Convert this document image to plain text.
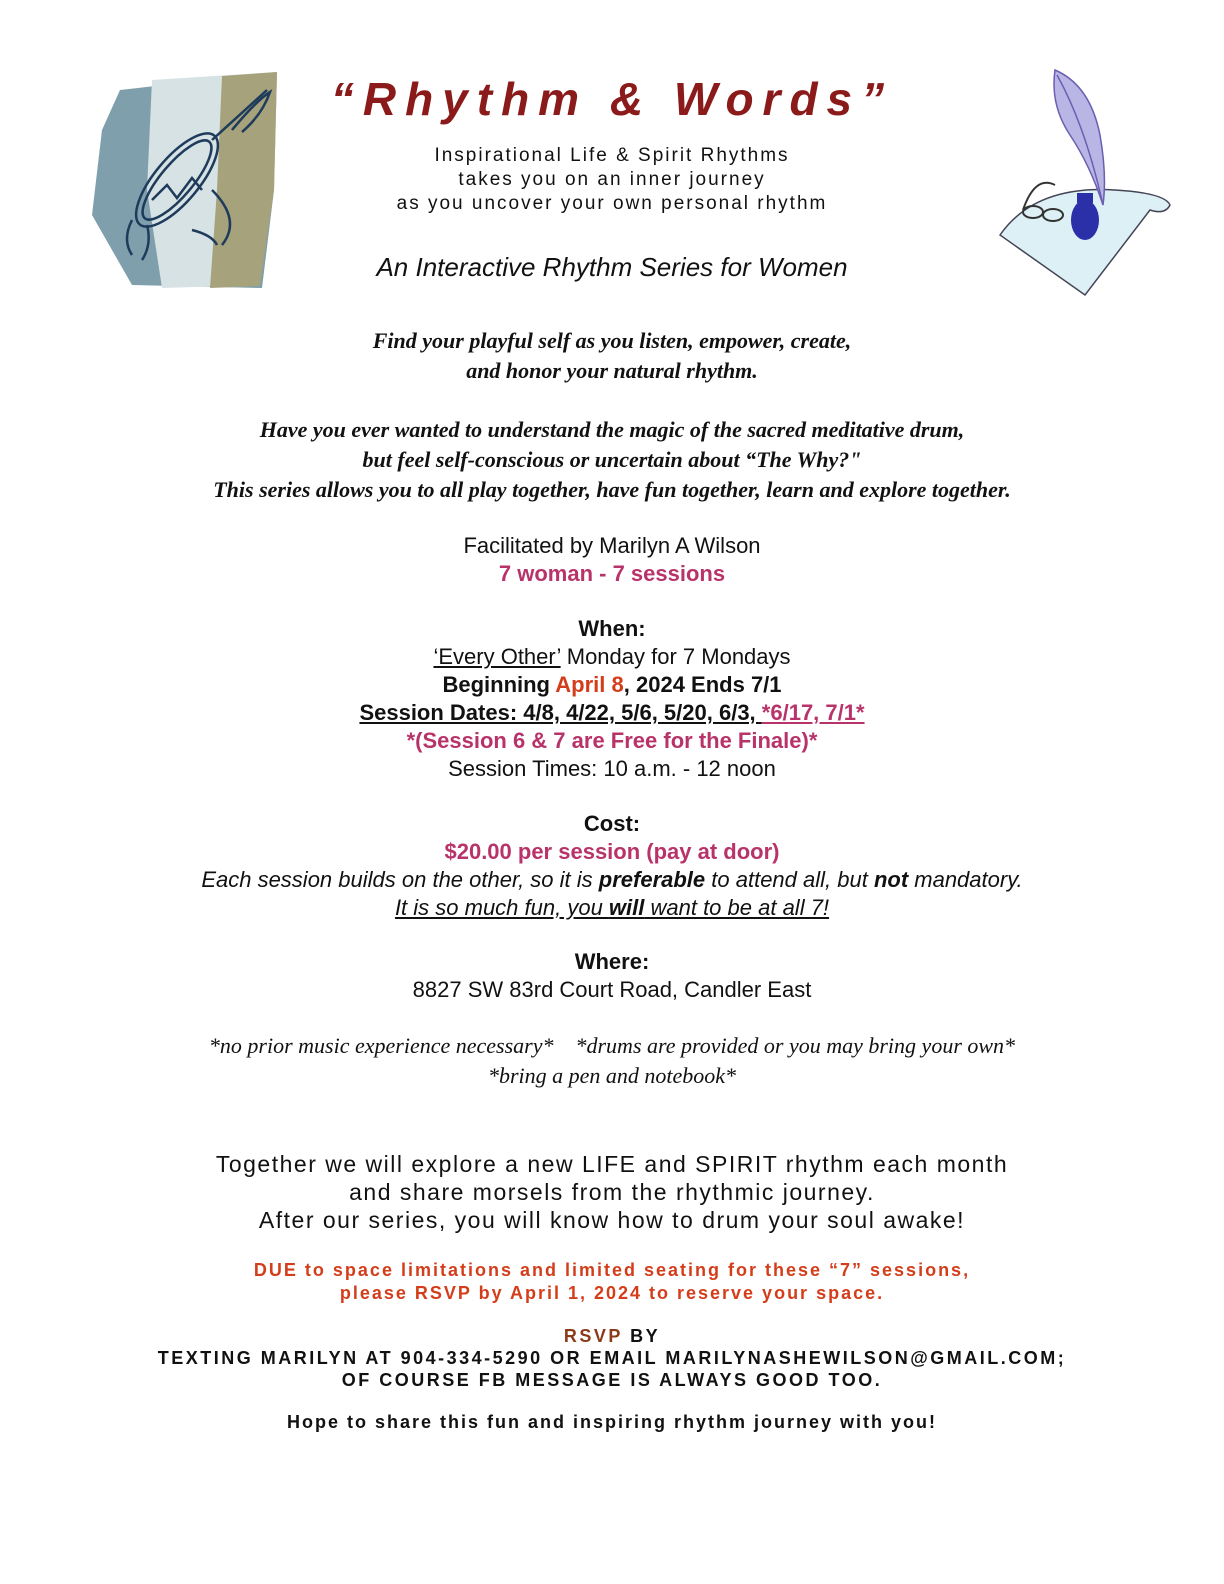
“Rhythm & Words”
Inspirational Life & Spirit Rhythms
takes you on an inner journey
as you uncover your own personal rhythm
An Interactive Rhythm Series for Women
Find your playful self as you listen, empower, create,
and honor your natural rhythm.
Have you ever wanted to understand the magic of the sacred meditative drum,
but feel self-conscious or uncertain about “The Why?"
This series allows you to all play together, have fun together, learn and explore together.
Facilitated by Marilyn A Wilson
7 woman - 7 sessions
When:
‘Every Other’ Monday for 7 Mondays
Beginning April 8, 2024 Ends 7/1
Session Dates: 4/8, 4/22, 5/6, 5/20, 6/3, *6/17, 7/1*
*(Session 6 & 7 are Free for the Finale)*
Session Times: 10 a.m. - 12 noon
Cost:
$20.00 per session (pay at door)
Each session builds on the other, so it is preferable to attend all, but not mandatory.
It is so much fun, you will want to be at all 7!
Where:
8827 SW 83rd Court Road, Candler East
*no prior music experience necessary*    *drums are provided or you may bring your own*
*bring a pen and notebook*
Together we will explore a new LIFE and SPIRIT rhythm each month
and share morsels from the rhythmic journey.
After our series, you will know how to drum your soul awake!
DUE to space limitations and limited seating for these “7” sessions,
please RSVP by April 1, 2024 to reserve your space.
RSVP BY
TEXTING MARILYN AT 904-334-5290 OR EMAIL MARILYNASHEWILSON@GMAIL.COM;
OF COURSE FB MESSAGE IS ALWAYS GOOD TOO.
Hope to share this fun and inspiring rhythm journey with you!
